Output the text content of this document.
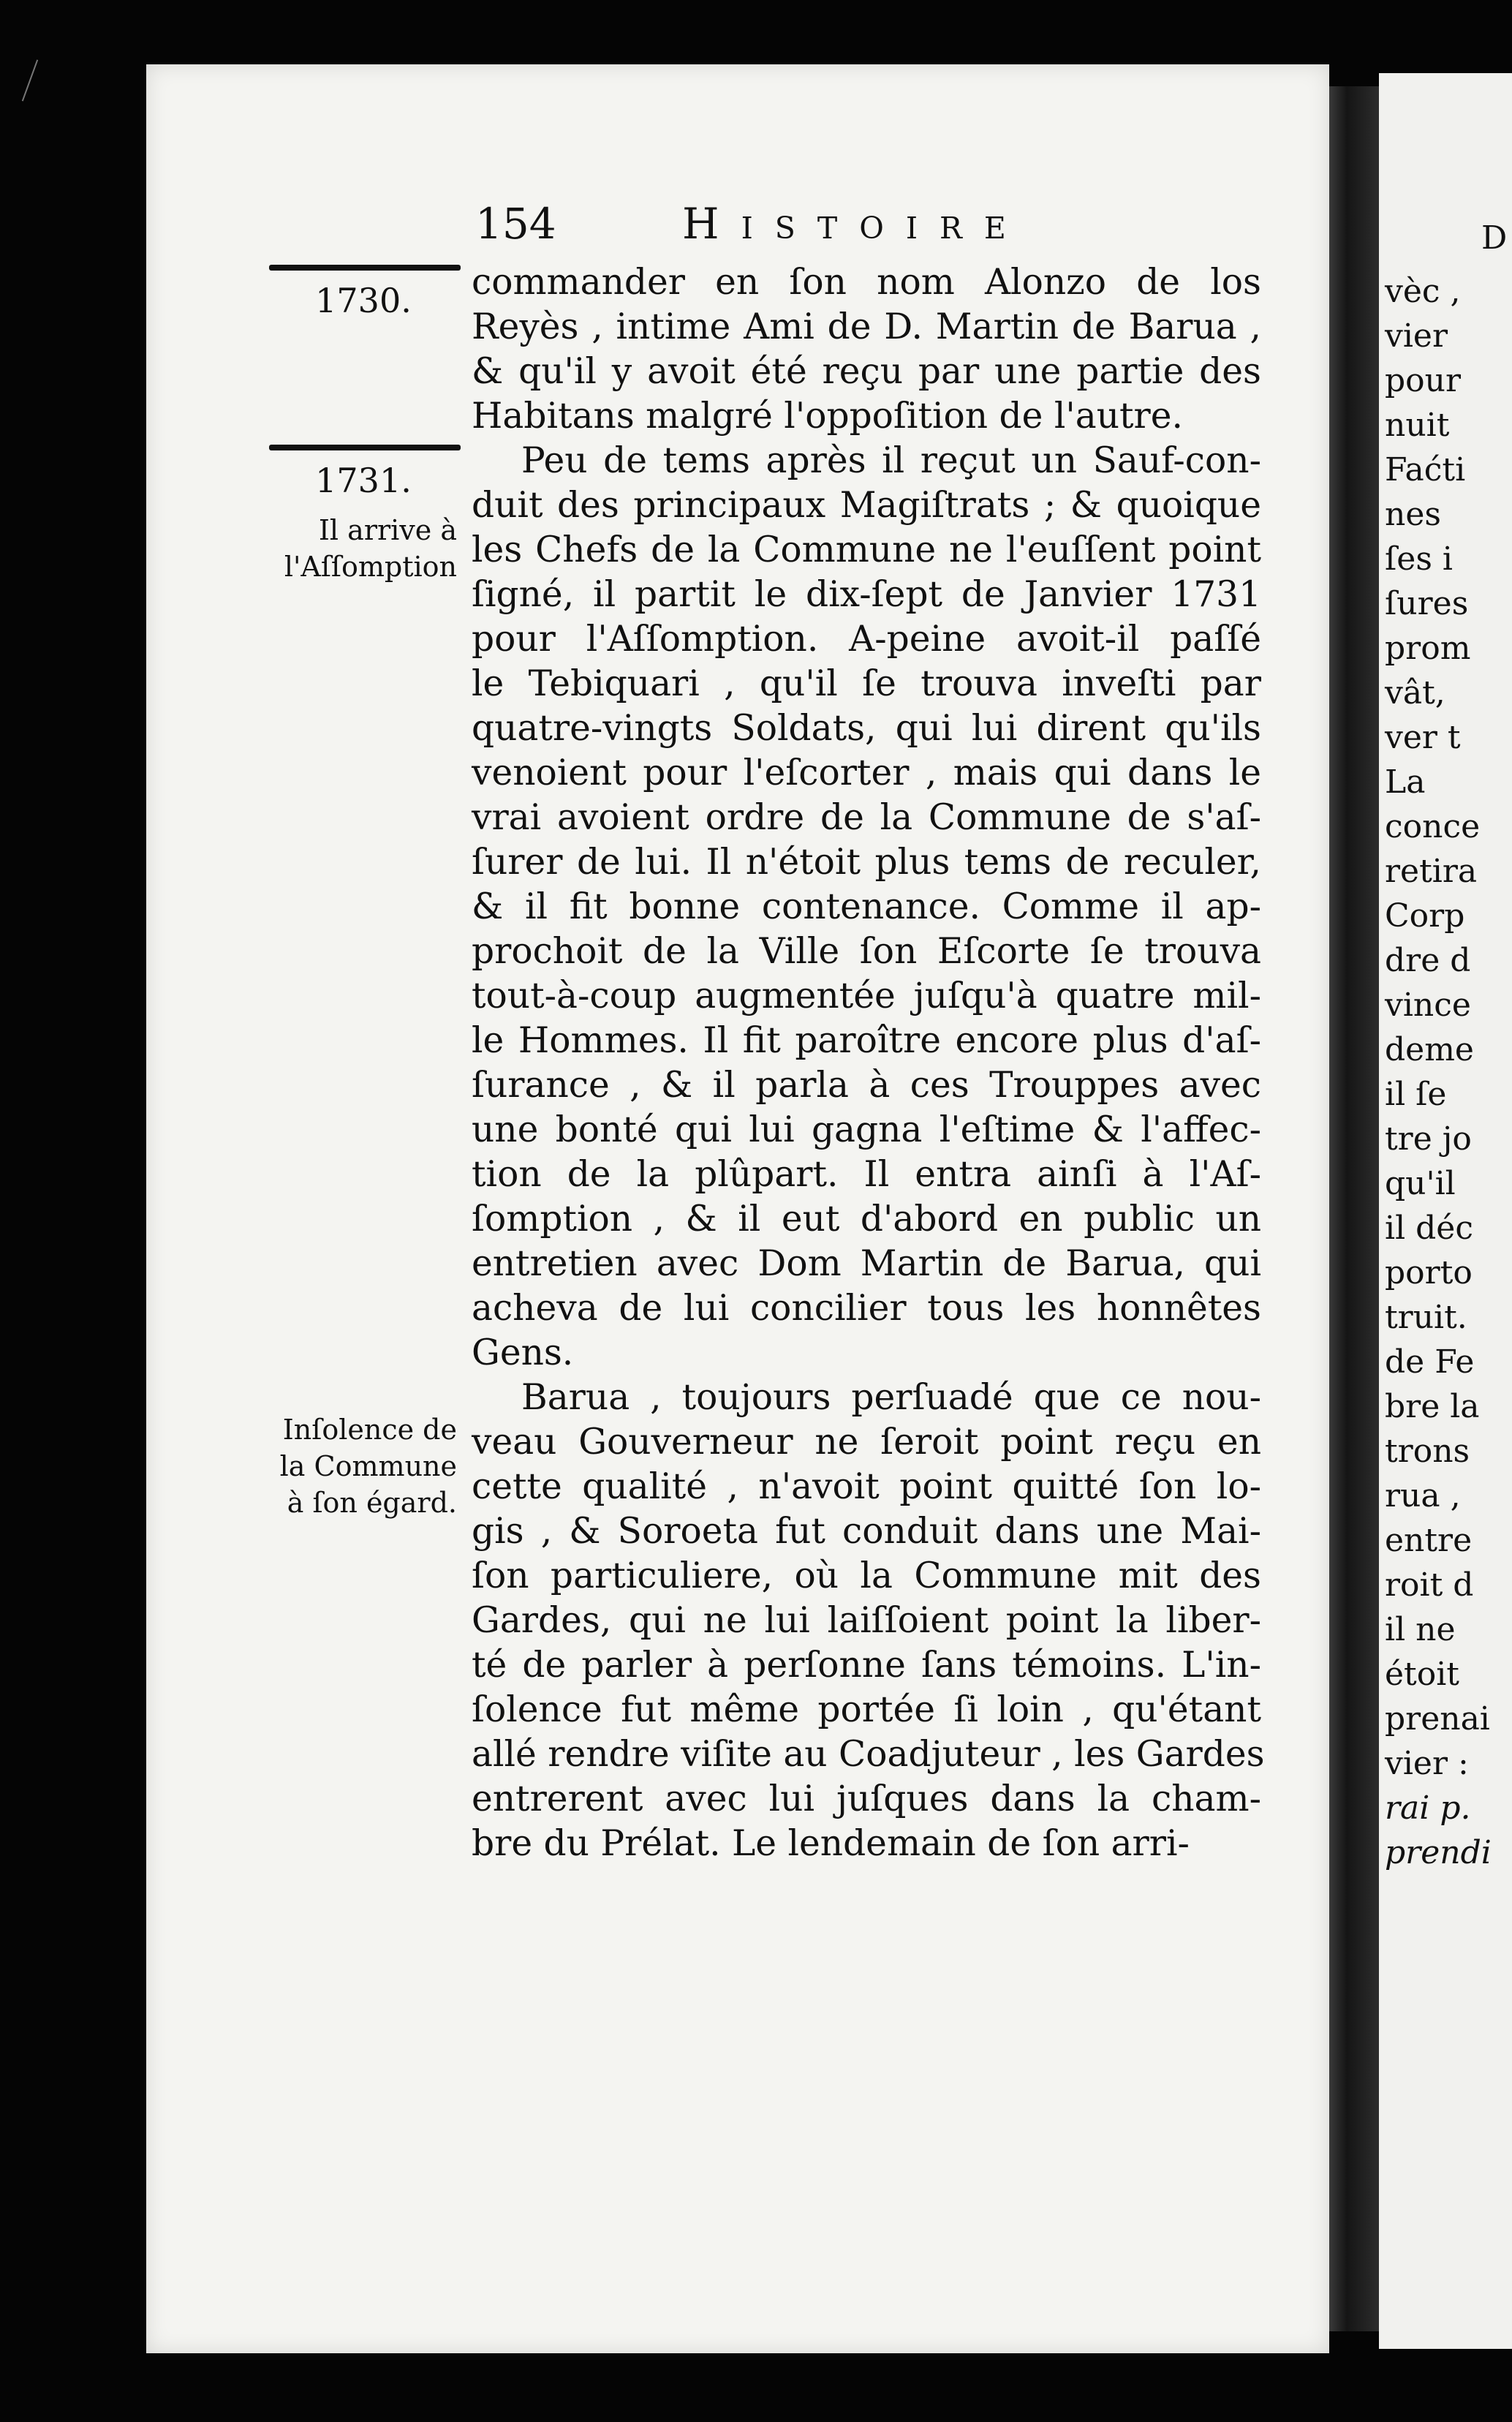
D
vèc ,
vier
pour
nuit
Faćti
nes
ſes i
ſures
prom
vât,
ver t
La
conce
retira
Corp
dre d
vince
demе
il ſe
tre jo
qu'il
il déc
porto
truit.
de Fe
bre la
trons
rua ,
entre
roit d
il ne
étoit
prenai
vier :
rai p.
prendi
154	Histoire
1730.
1731.
Il arrive à
l'Aſſomption
Inſolence de
la Commune
à ſon égard.
commander en ſon nom Alonzo de los
Reyès , intime Ami de D. Martin de Barua ,
& qu'il y avoit été reçu par une partie des
Habitans malgré l'oppoſition de l'autre.
Peu de tems après il reçut un Sauf-con-
duit des principaux Magiſtrats ; & quoique
les Chefs de la Commune ne l'euſſent point
ſigné, il partit le dix-ſept de Janvier 1731
pour l'Aſſomption. A-peine avoit-il paſſé
le Tebiquari , qu'il ſe trouva inveſti par
quatre-vingts Soldats, qui lui dirent qu'ils
venoient pour l'eſcorter , mais qui dans le
vrai avoient ordre de la Commune de s'aſ-
ſurer de lui. Il n'étoit plus tems de reculer,
& il fit bonne contenance. Comme il ap-
prochoit de la Ville ſon Eſcorte ſe trouva
tout-à-coup augmentée juſqu'à quatre mil-
le Hommes. Il fit paroître encore plus d'aſ-
ſurance , & il parla à ces Trouppes avec
une bonté qui lui gagna l'eſtime & l'affec-
tion de la plûpart. Il entra ainſi à l'Aſ-
ſomption , & il eut d'abord en public un
entretien avec Dom Martin de Barua, qui
acheva de lui concilier tous les honnêtes
Gens.
Barua , toujours perſuadé que ce nou-
veau Gouverneur ne ſeroit point reçu en
cette qualité , n'avoit point quitté ſon lo-
gis , & Soroeta fut conduit dans une Mai-
ſon particuliere, où la Commune mit des
Gardes, qui ne lui laiſſoient point la liber-
té de parler à perſonne ſans témoins. L'in-
ſolence fut même portée ſi loin , qu'étant
allé rendre viſite au Coadjuteur , les Gardes
entrerent avec lui juſques dans la cham-
bre du Prélat. Le lendemain de ſon arri-
